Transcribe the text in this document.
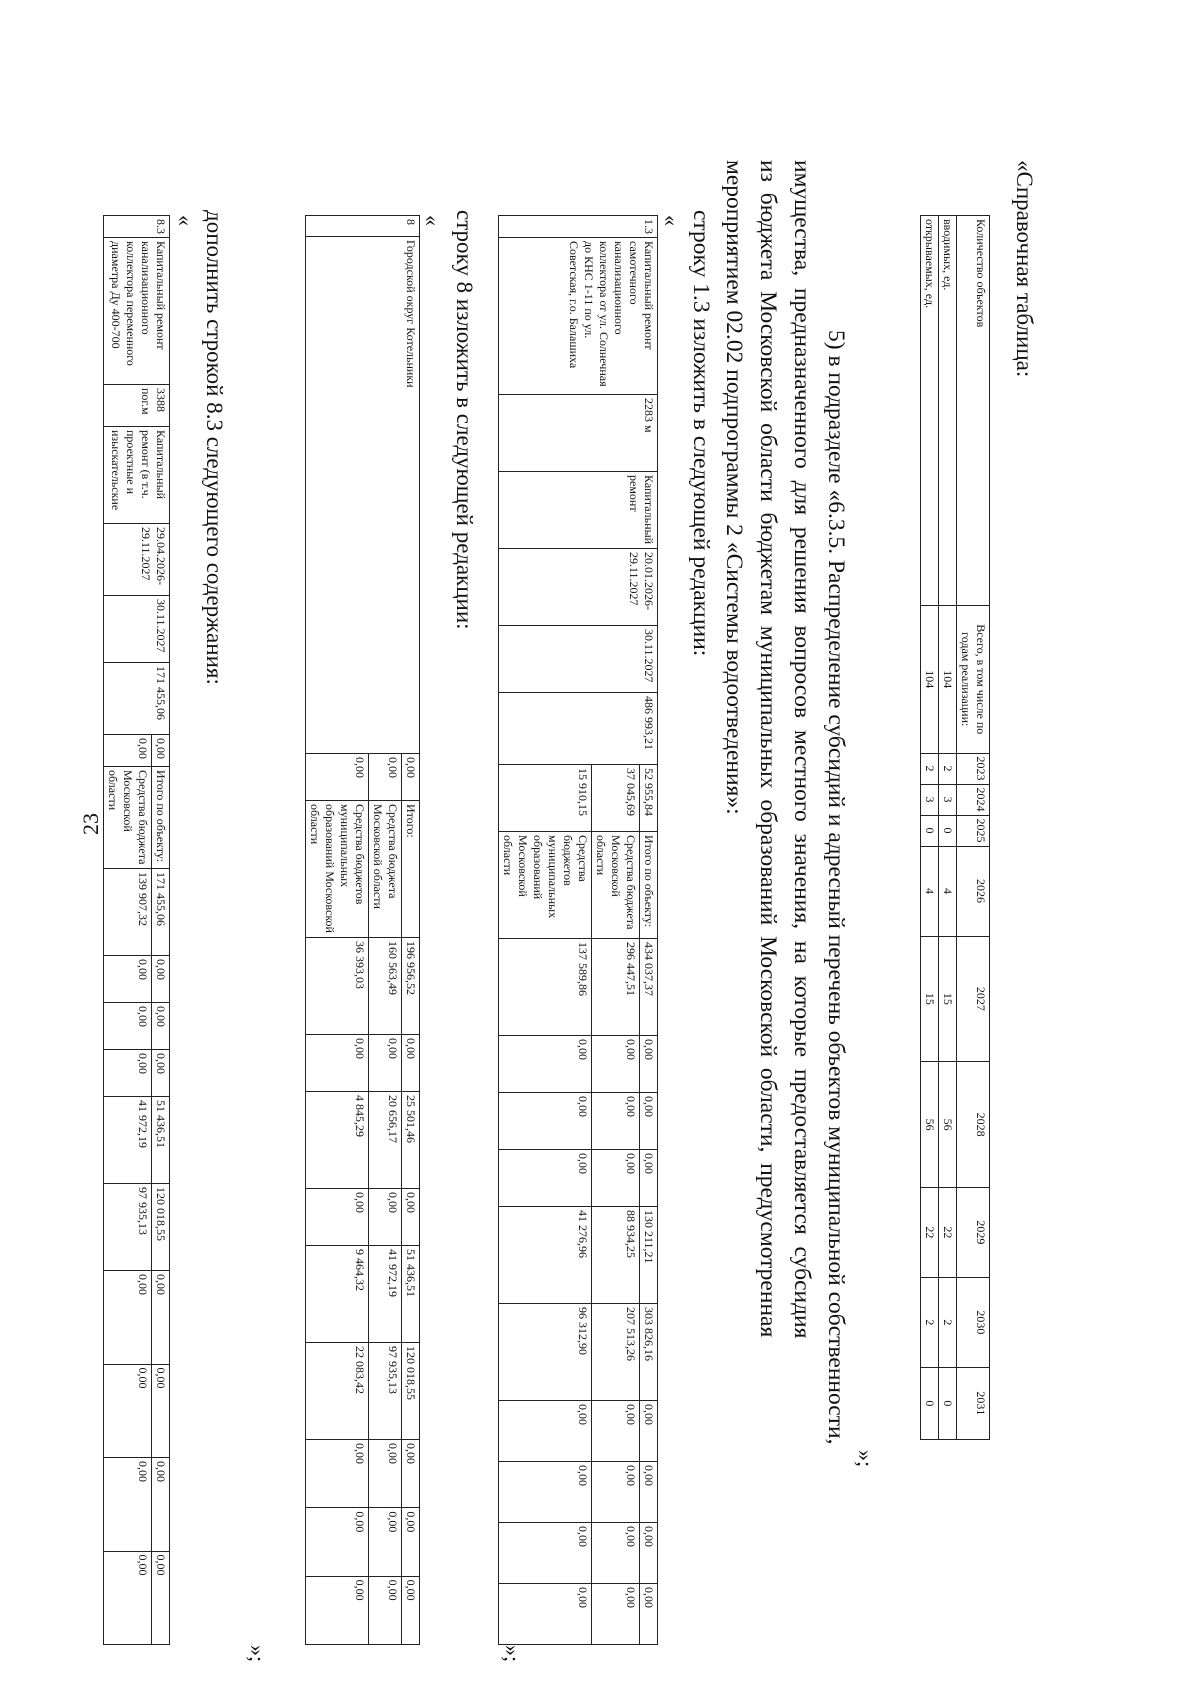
23
«Справочная таблица:
Количество объектов	Всего, в том числе по годам реализации:	2023	2024	2025	2026	2027	2028	2029	2030	2031

вводимых, ед.	104	2	3	0	4	15	56	22	2	0
открываемых, ед.	104	2	3	0	4	15	56	22	2	0
»;
5) в подразделе «6.3.5. Распределение субсидий и адресный перечень объектов муниципальной собственности,
имущества, предназначенного для решения вопросов местного значения, на которые предоставляется субсидия
из бюджета Московской области бюджетам муниципальных образований Московской области, предусмотренная
мероприятием 02.02 подпрограммы 2 «Системы водоотведения»:
строку 1.3 изложить в следующей редакции:
«
1.3	Капитальный ремонт самотечного канализационного коллектора от ул. Солнечная до КНС 1-11 по ул. Советская, г.о. Балашиха	2283 м	Капитальный ремонт	20.01.2026-29.11.2027	30.11.2027	486 993,21	52 955,84	Итого по объекту:	434 037,37	0,00	0,00	0,00	130 211,21	303 826,16	0,00	0,00	0,00	0,00
							37 045,69	Средства бюджета Московской области	296 447,51	0,00	0,00	0,00	88 934,25	207 513,26	0,00	0,00	0,00	0,00
							15 910,15	Средства бюджетов муниципальных образований Московской области	137 589,86	0,00	0,00	0,00	41 276,96	96 312,90	0,00	0,00	0,00	0,00
»;
строку 8 изложить в следующей редакции:
«
8	Городской округ Котельники	0,00	Итого:	196 956,52	0,00	25 501,46	0,00	51 436,51	120 018,55	0,00	0,00	0,00
		0,00	Средства бюджета Московской области	160 563,49	0,00	20 656,17	0,00	41 972,19	97 935,13	0,00	0,00	0,00
		0,00	Средства бюджетов муниципальных образований Московской области	36 393,03	0,00	4 845,29	0,00	9 464,32	22 083,42	0,00	0,00	0,00
»;
дополнить строкой 8.3 следующего содержания:
«
8.3	Капитальный ремонт канализационного коллектора переменного диаметра Ду 400-700	3388 пог.м	Капитальный ремонт (в т.ч. проектные и изыскательские	29.04.2026-29.11.2027	30.11.2027	171 455,06	0,00	Итого по объекту:	171 455,06	0,00	0,00	0,00	51 436,51	120 018,55	0,00	0,00	0,00	0,00
							0,00	Средства бюджета Московской области	139 907,32	0,00	0,00	0,00	41 972,19	97 935,13	0,00	0,00	0,00	0,00
